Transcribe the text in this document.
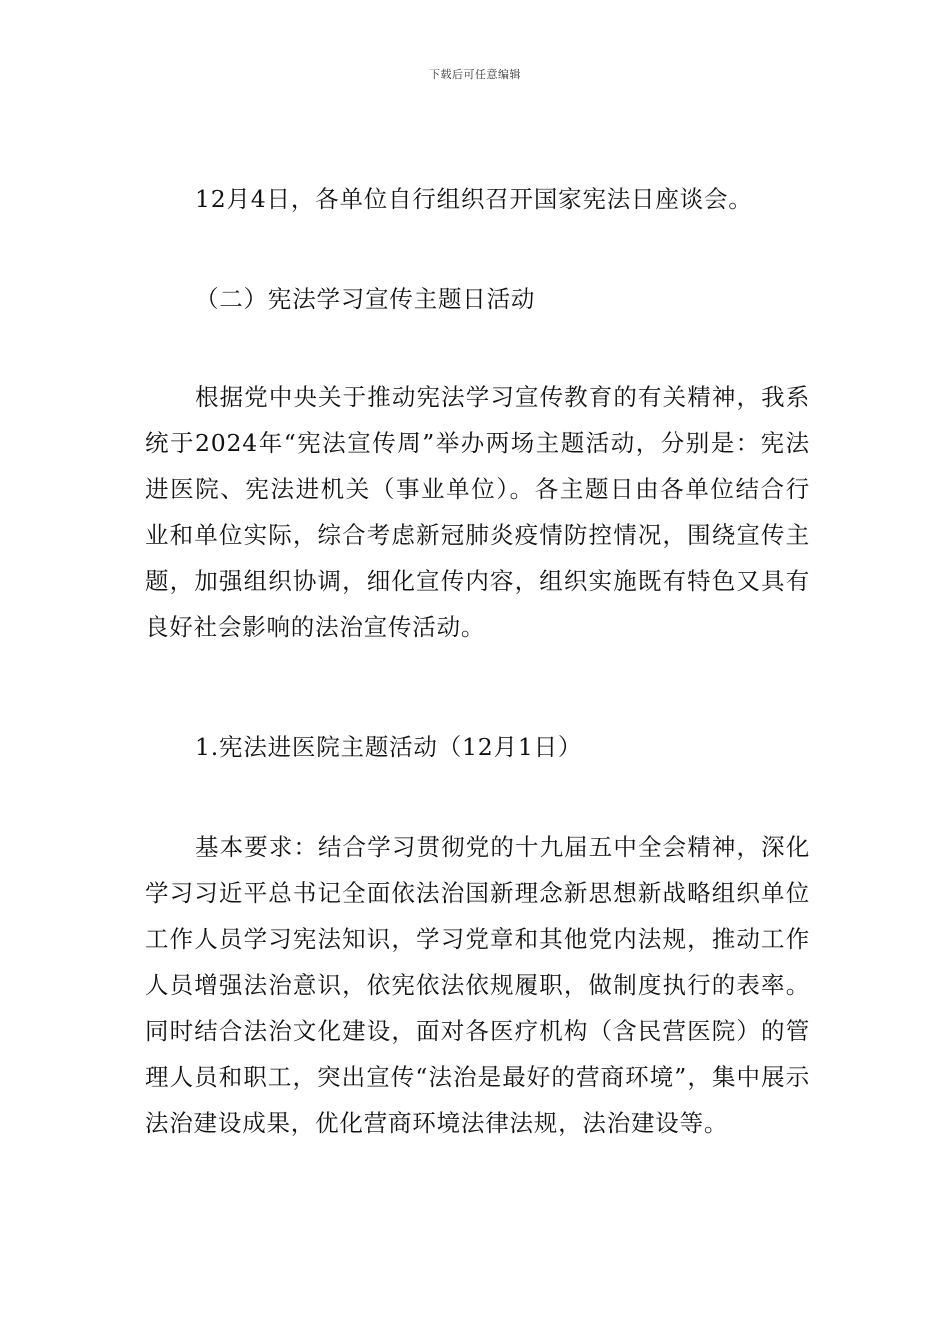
下载后可任意编辑

12月4日，各单位自行组织召开国家宪法日座谈会。

（二）宪法学习宣传主题日活动

根据党中央关于推动宪法学习宣传教育的有关精神，我系统于2024年“宪法宣传周”举办两场主题活动，分别是：宪法进医院、宪法进机关（事业单位）。各主题日由各单位结合行业和单位实际，综合考虑新冠肺炎疫情防控情况，围绕宣传主题，加强组织协调，细化宣传内容，组织实施既有特色又具有良好社会影响的法治宣传活动。

1.宪法进医院主题活动（12月1日）

基本要求：结合学习贯彻党的十九届五中全会精神，深化学习习近平总书记全面依法治国新理念新思想新战略组织单位工作人员学习宪法知识，学习党章和其他党内法规，推动工作人员增强法治意识，依宪依法依规履职，做制度执行的表率。同时结合法治文化建设，面对各医疗机构（含民营医院）的管理人员和职工，突出宣传“法治是最好的营商环境”，集中展示法治建设成果，优化营商环境法律法规，法治建设等。
